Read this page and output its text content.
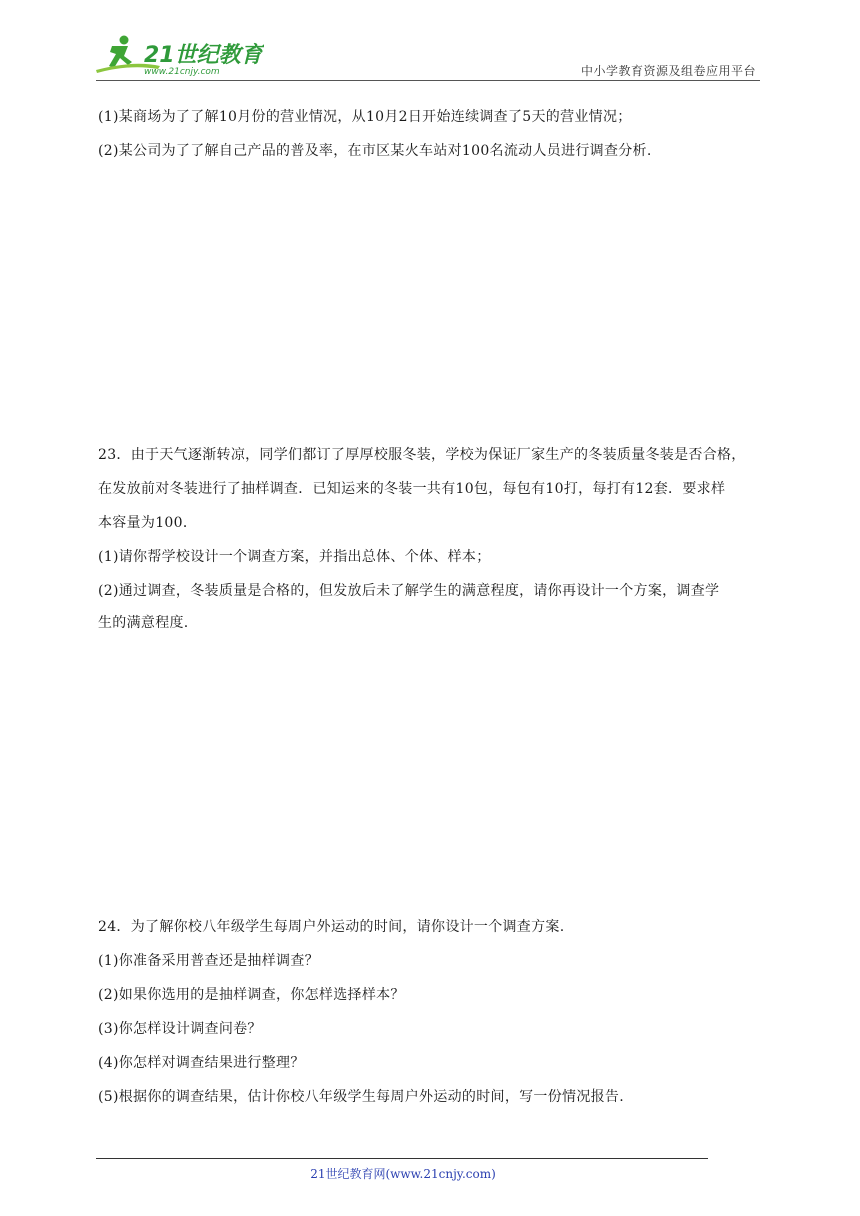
21世纪教育
www.21cnjy.com	中小学教育资源及组卷应用平台
(1)某商场为了了解10月份的营业情况，从10月2日开始连续调查了5天的营业情况；
(2)某公司为了了解自己产品的普及率，在市区某火车站对100名流动人员进行调查分析.
23．由于天气逐渐转凉，同学们都订了厚厚校服冬装，学校为保证厂家生产的冬装质量冬装是否合格，
在发放前对冬装进行了抽样调查．已知运来的冬装一共有10包，每包有10打，每打有12套．要求样
本容量为100．
(1)请你帮学校设计一个调查方案，并指出总体、个体、样本；
(2)通过调查，冬装质量是合格的，但发放后未了解学生的满意程度，请你再设计一个方案，调查学
生的满意程度.
24．为了解你校八年级学生每周户外运动的时间，请你设计一个调查方案.
(1)你准备采用普查还是抽样调查？
(2)如果你选用的是抽样调查，你怎样选择样本？
(3)你怎样设计调查问卷？
(4)你怎样对调查结果进行整理？
(5)根据你的调查结果，估计你校八年级学生每周户外运动的时间，写一份情况报告.
21世纪教育网(www.21cnjy.com)
